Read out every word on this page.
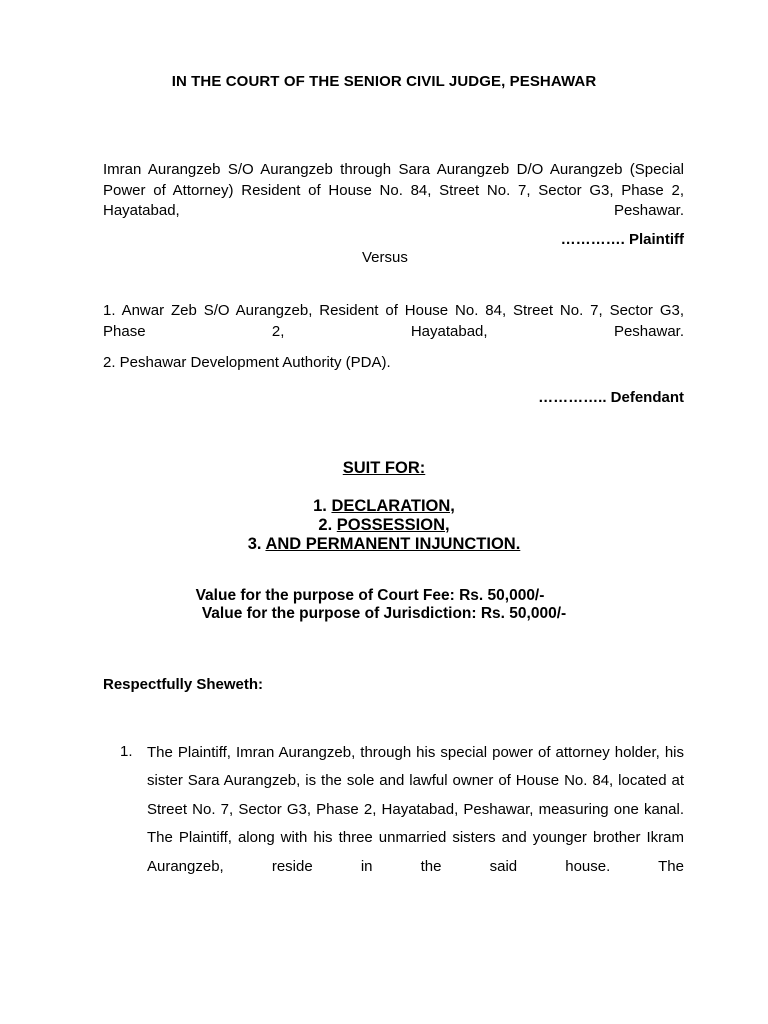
IN THE COURT OF THE SENIOR CIVIL JUDGE, PESHAWAR
Imran Aurangzeb S/O Aurangzeb through Sara Aurangzeb D/O Aurangzeb (Special Power of Attorney) Resident of House No. 84, Street No. 7, Sector G3, Phase 2, Hayatabad, Peshawar.
…………. Plaintiff
Versus
1. Anwar Zeb S/O Aurangzeb, Resident of House No. 84, Street No. 7, Sector G3, Phase 2, Hayatabad, Peshawar.
2. Peshawar Development Authority (PDA).
………….. Defendant
SUIT FOR:
1. DECLARATION,
2. POSSESSION,
3. AND PERMANENT INJUNCTION.
Value for the purpose of Court Fee: Rs. 50,000/-
Value for the purpose of Jurisdiction: Rs. 50,000/-
Respectfully Sheweth:
1. The Plaintiff, Imran Aurangzeb, through his special power of attorney holder, his sister Sara Aurangzeb, is the sole and lawful owner of House No. 84, located at Street No. 7, Sector G3, Phase 2, Hayatabad, Peshawar, measuring one kanal. The Plaintiff, along with his three unmarried sisters and younger brother Ikram Aurangzeb, reside in the said house. The
